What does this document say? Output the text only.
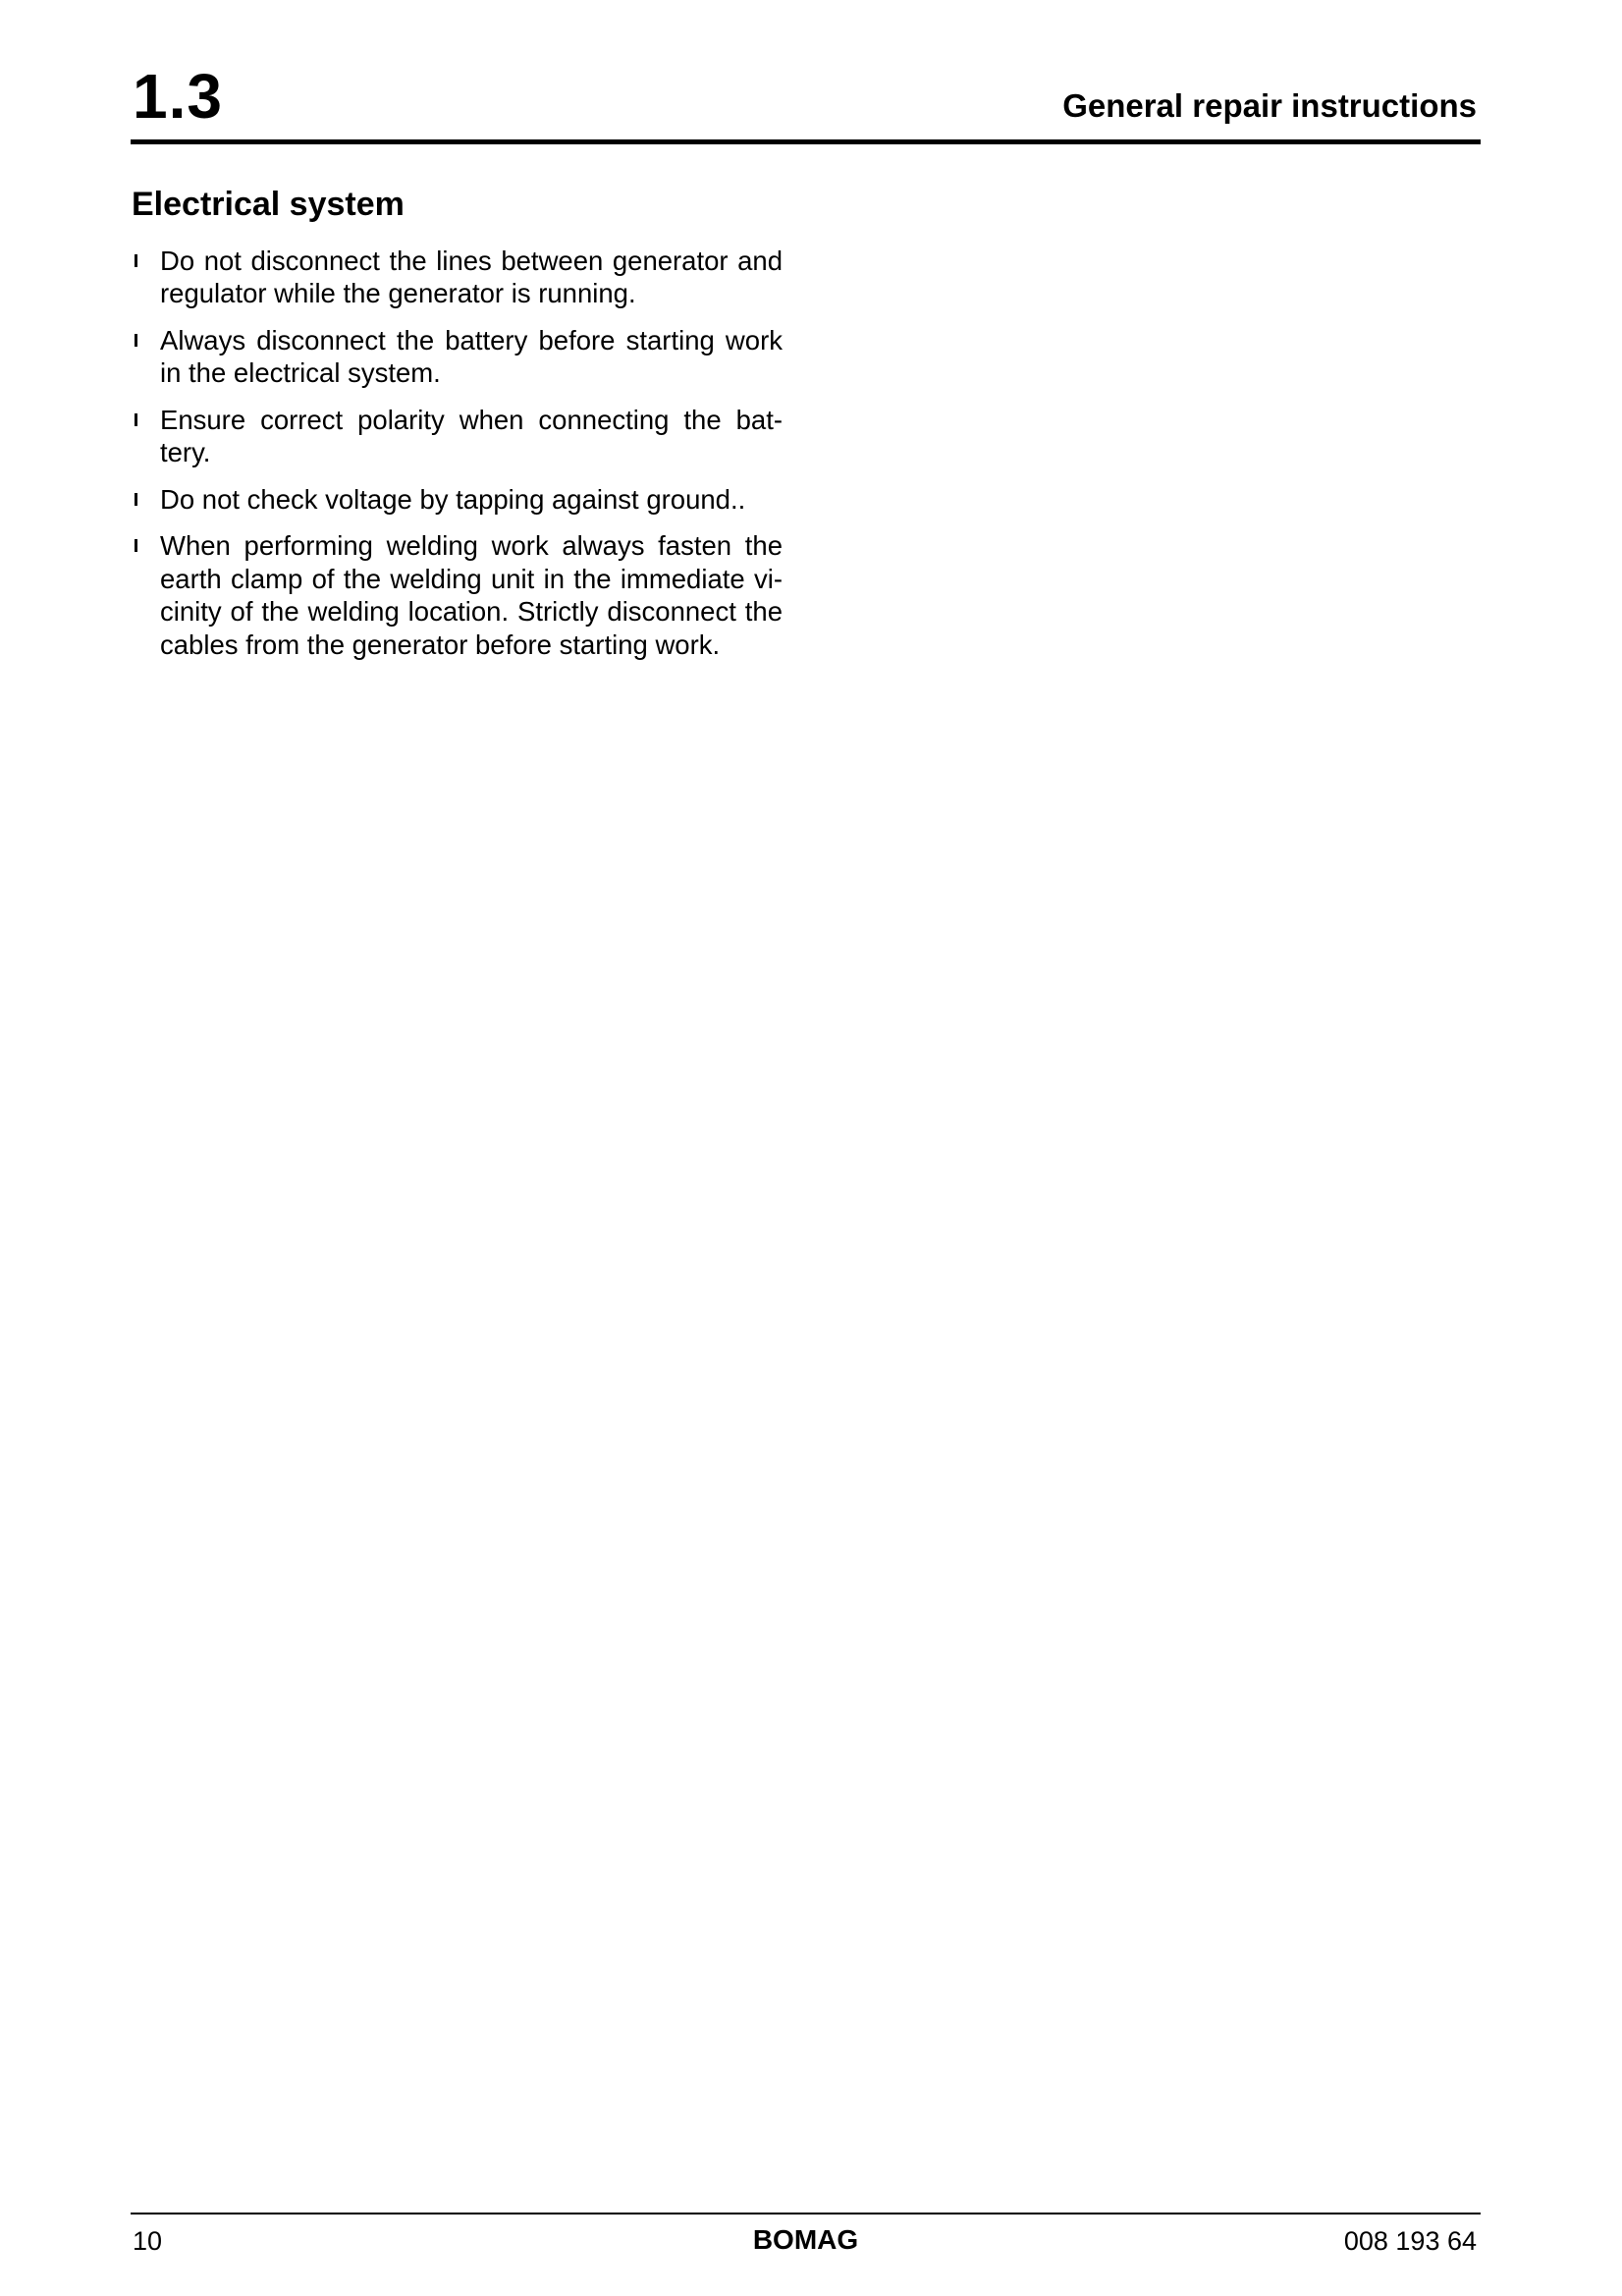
1.3	General repair instructions
Electrical system
Do not disconnect the lines between generator and regulator while the generator is running.
Always disconnect the battery before starting work in the electrical system.
Ensure correct polarity when connecting the bat-tery.
Do not check voltage by tapping against ground..
When performing welding work always fasten the earth clamp of the welding unit in the immediate vi-cinity of the welding location. Strictly disconnect the cables from the generator before starting work.
10	BOMAG	008 193 64
